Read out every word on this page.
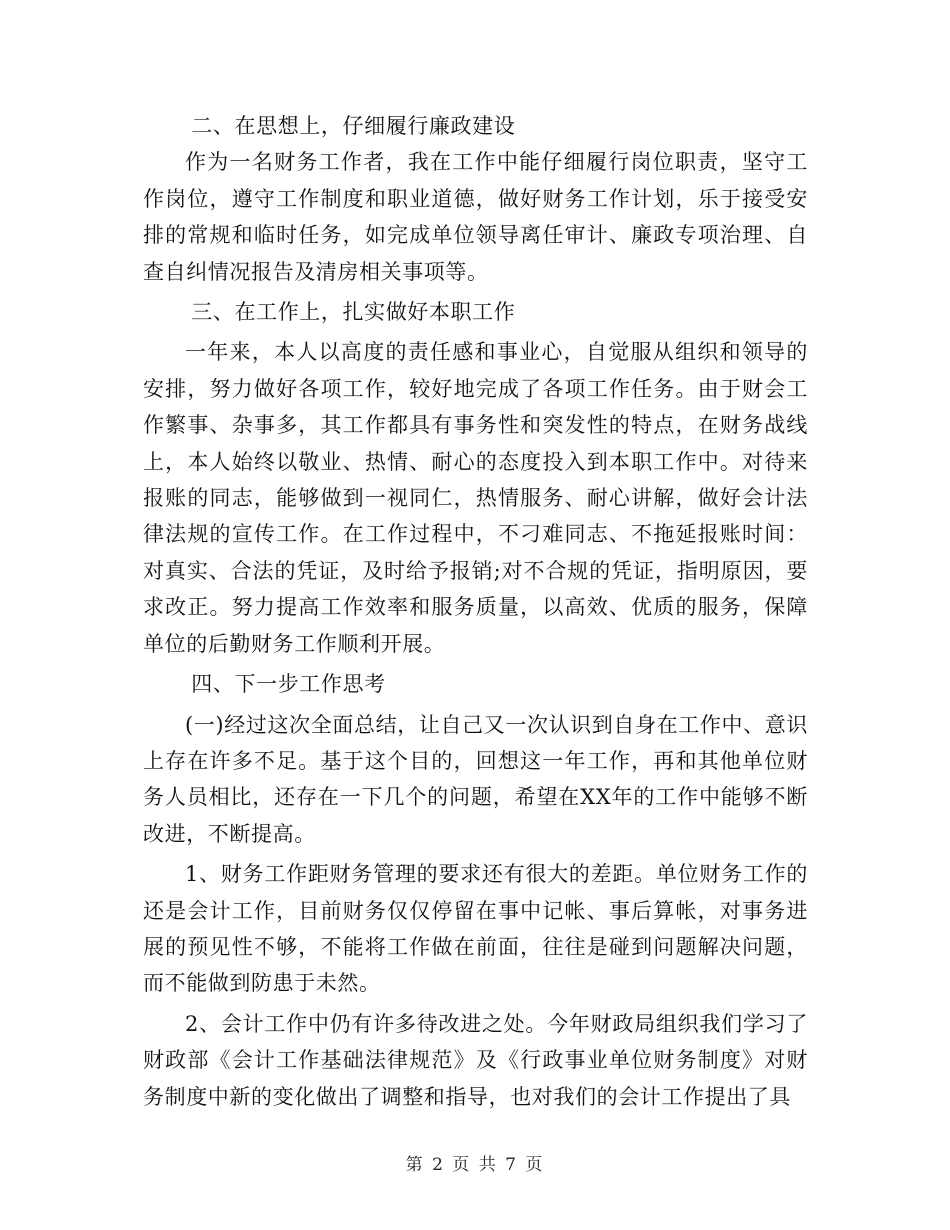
二、在思想上，仔细履行廉政建设

作为一名财务工作者，我在工作中能仔细履行岗位职责，坚守工作岗位，遵守工作制度和职业道德，做好财务工作计划，乐于接受安排的常规和临时任务，如完成单位领导离任审计、廉政专项治理、自查自纠情况报告及清房相关事项等。

三、在工作上，扎实做好本职工作

一年来，本人以高度的责任感和事业心，自觉服从组织和领导的安排，努力做好各项工作，较好地完成了各项工作任务。由于财会工作繁事、杂事多，其工作都具有事务性和突发性的特点，在财务战线上，本人始终以敬业、热情、耐心的态度投入到本职工作中。对待来报账的同志，能够做到一视同仁，热情服务、耐心讲解，做好会计法律法规的宣传工作。在工作过程中，不刁难同志、不拖延报账时间：对真实、合法的凭证，及时给予报销;对不合规的凭证，指明原因，要求改正。努力提高工作效率和服务质量，以高效、优质的服务，保障单位的后勤财务工作顺利开展。

四、下一步工作思考

(一)经过这次全面总结，让自己又一次认识到自身在工作中、意识上存在许多不足。基于这个目的，回想这一年工作，再和其他单位财务人员相比，还存在一下几个的问题，希望在XX年的工作中能够不断改进，不断提高。

1、财务工作距财务管理的要求还有很大的差距。单位财务工作的还是会计工作，目前财务仅仅停留在事中记帐、事后算帐，对事务进展的预见性不够，不能将工作做在前面，往往是碰到问题解决问题，而不能做到防患于未然。

2、会计工作中仍有许多待改进之处。今年财政局组织我们学习了财政部《会计工作基础法律规范》及《行政事业单位财务制度》对财务制度中新的变化做出了调整和指导，也对我们的会计工作提出了具

第 2 页 共 7 页
